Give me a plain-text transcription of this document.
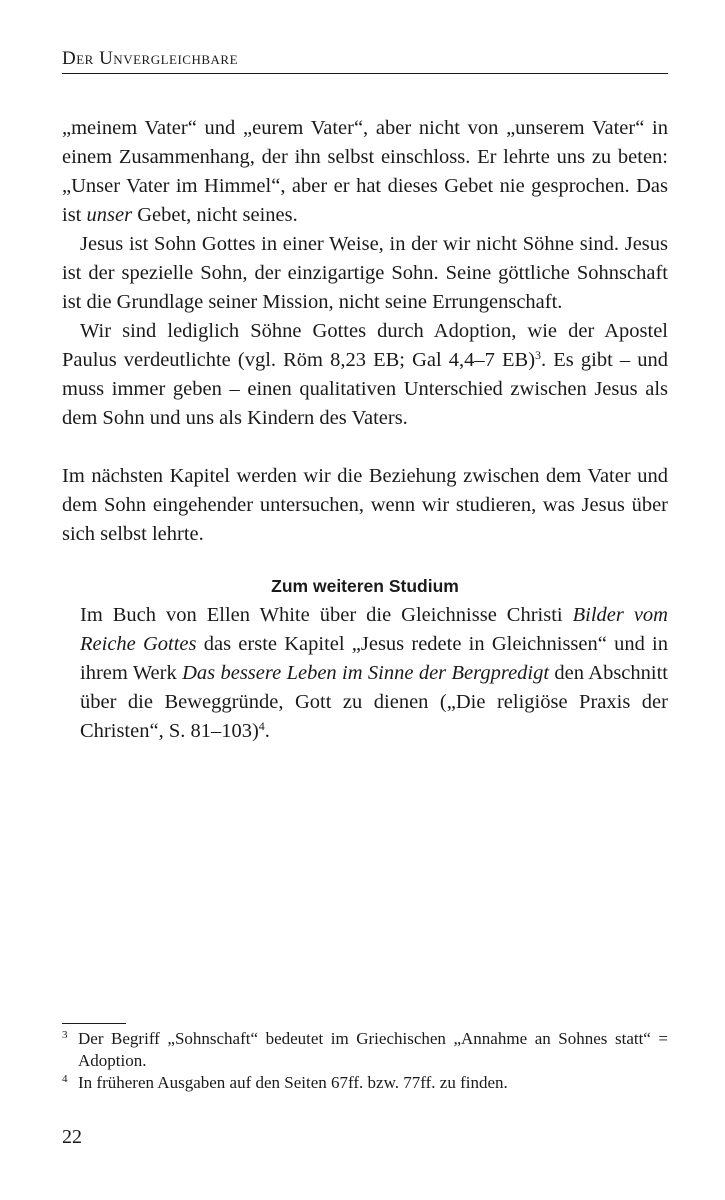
Der Unvergleichbare

„meinem Vater“ und „eurem Vater“, aber nicht von „unserem Vater“ in einem Zusammenhang, der ihn selbst einschloss. Er lehrte uns zu beten: „Unser Vater im Himmel“, aber er hat dieses Gebet nie gesprochen. Das ist unser Gebet, nicht seines.

Jesus ist Sohn Gottes in einer Weise, in der wir nicht Söhne sind. Jesus ist der spezielle Sohn, der einzigartige Sohn. Seine göttliche Sohnschaft ist die Grundlage seiner Mission, nicht seine Errungenschaft.

Wir sind lediglich Söhne Gottes durch Adoption, wie der Apostel Paulus verdeutlichte (vgl. Röm 8,23 EB; Gal 4,4–7 EB)$^3$. Es gibt – und muss immer geben – einen qualitativen Unterschied zwischen Jesus als dem Sohn und uns als Kindern des Vaters.

Im nächsten Kapitel werden wir die Beziehung zwischen dem Vater und dem Sohn eingehender untersuchen, wenn wir studieren, was Jesus über sich selbst lehrte.

Zum weiteren Studium

Im Buch von Ellen White über die Gleichnisse Christi Bilder vom Reiche Gottes das erste Kapitel „Jesus redete in Gleichnissen“ und in ihrem Werk Das bessere Leben im Sinne der Bergpredigt den Abschnitt über die Beweggründe, Gott zu dienen („Die religiöse Praxis der Christen“, S. 81–103)$^4$.

3 Der Begriff „Sohnschaft“ bedeutet im Griechischen „Annahme an Sohnes statt“ = Adoption.

4 In früheren Ausgaben auf den Seiten 67ff. bzw. 77ff. zu finden.

22
